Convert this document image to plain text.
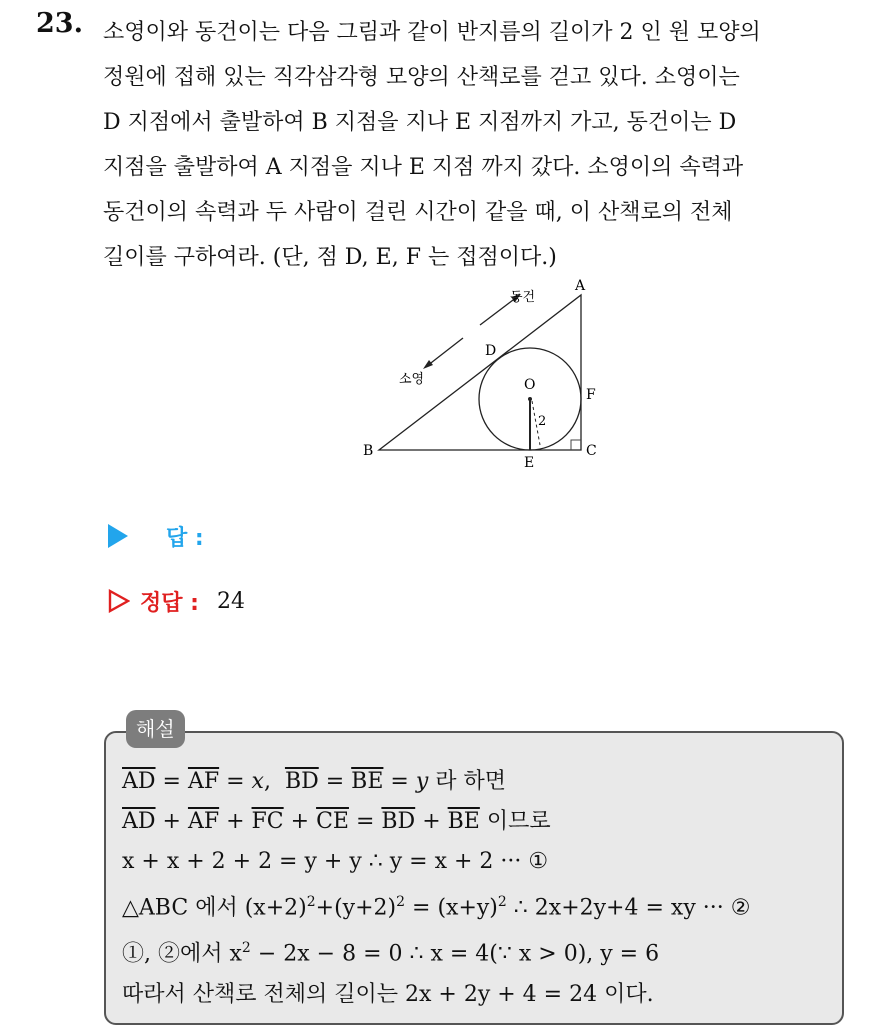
23. 소영이와 동건이는 다음 그림과 같이 반지름의 길이가 2 인 원 모양의
정원에 접해 있는 직각삼각형 모양의 산책로를 걷고 있다. 소영이는
D 지점에서 출발하여 B 지점을 지나 E 지점까지 가고, 동건이는 D
지점을 출발하여 A 지점을 지나 E 지점 까지 갔다. 소영이의 속력과
동건이의 속력과 두 사람이 걸린 시간이 같을 때, 이 산책로의 전체
길이를 구하여라. (단, 점 D, E, F 는 접점이다.)
A
B	C
D
E
F
O
2
동건
소영
답 :
정답 : 24
해설
$\overline{AD} = \overline{AF} = x$,  $\overline{BD} = \overline{BE} = y$ 라 하면
$\overline{AD} + \overline{AF} + \overline{FC} + \overline{CE} = \overline{BD} + \overline{BE}$ 이므로
x + x + 2 + 2 = y + y ∴ y = x + 2 ··· ①
△ABC 에서 $(x+2)^2+(y+2)^2 = (x+y)^2$ ∴ 2x+2y+4 = xy ··· ②
①, ②에서 $x^2 - 2x - 8 = 0$ ∴ x = 4(∵ x > 0), y = 6
따라서 산책로 전체의 길이는 2x + 2y + 4 = 24 이다.
